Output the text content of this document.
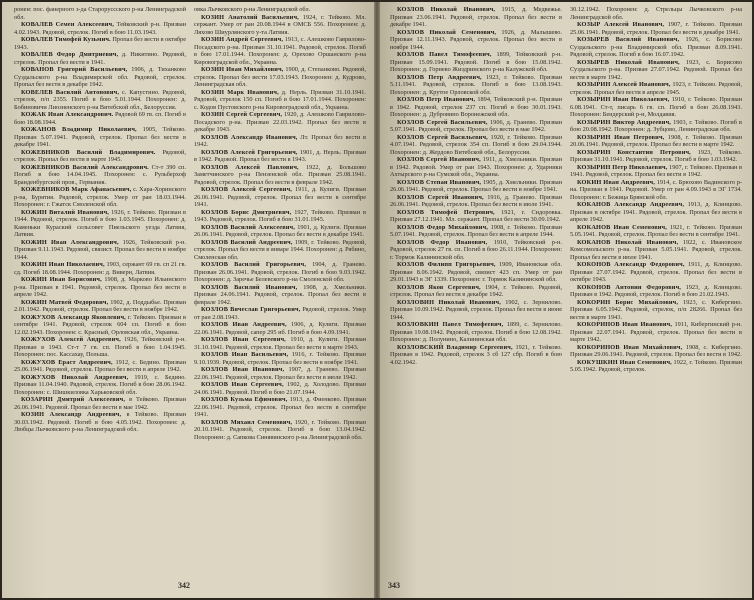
ронен: пос. фанерного з-да Староруссского р-на Ленинградской обл.

КОВАЛЕВ Семен Алексеевич, Тейковский р-н. Призван 4.02.1943. Рядовой, стрелок. Погиб в бою 11.03.1943.

КОВАЛЕВ Тимофей Кузьмич. Пропал без вести в октябре 1943.

КОВАЛЕВ Федор Дмитриевич, д. Никитино. Рядовой, стрелок. Пропал без вести в 1941.

КОВАНОВ Григорий Васильевич, 1906, д. Тиханково Суздальского р-на Владимирской обл. Рядовой, стрелок. Пропал без вести в декабре 1942.

КОВЕЛЕВ Василий Антонович, с. Капустино. Рядовой, стрелок, п/п 2355. Погиб в бою 5.01.1944. Похоронен: д. Бобиновичи Лиозненского р-на Витебской обл., Белоруссия.

КОЖАК Иван Александрович. Рядовой 69 гв. сп. Погиб в бою 18.08.1944.

КОЖАНОВ Владимир Николаевич, 1905, Тейково. Призван 5.07.1941. Рядовой, стрелок. Пропал без вести в декабре 1941.

КОЖЕВНИКОВ Василий Владимирович. Рядовой, стрелок. Пропал без вести в марте 1945.

КОЖЕВНИКОВ Василий Александрович. Ст-т 390 сп. Погиб в бою 14.04.1945. Похоронен: с. Рульберхоф Бранденбургской пров., Германия.

КОЖЕВНИКОВ Марк Афанасьевич, с. Хара-Хоринского р-на, Бурятия. Рядовой, стрелок. Умер от ран 18.03.1944. Похоронен: г. Гжатск Смоленской обл.

КОЖИН Виталий Иванович, 1926, г. Тейково. Призван в 1944. Рядовой, стрелок. Погиб в бою 1.03.1945. Похоронен: д. Каменьки Кураский сельсовет Пиельского уезда Латвия, Латвия.

КОЖИН Иван Александрович, 1926, Тейковский р-н. Призван 9.11.1943. Рядовой, связист. Пропал без вести в ноябре 1944.

КОЖИН Иван Николаевич, 1903, сержант 69 гв. сп 21 гв. сд. Погиб 18.08.1944. Похоронен: д. Виверн, Латвия.

КОЖИН Иван Борисович, 1908, д. Марково Ильинского р-на. Призван в 1941. Рядовой, стрелок. Пропал без вести в апреле 1942.

КОЖИН Матвей Федорович, 1902, д. Поддыбье. Призван 2.01.1942. Рядовой, стрелок. Пропал без вести в ноябре 1942.

КОЖУХОВ Александр Яковлевич, г. Тейково. Призван в сентябре 1941. Рядовой, стрелок 604 сп. Погиб в бою 12.02.1943. Похоронен: с. Красный, Орловская обл., Украина.

КОЖУХОВ Алексей Андреевич, 1926, Тейковский р-н. Призван в 1943. Ст-т 7 гв. сп. Погиб в бою 1.04.1945. Похоронен: пос. Кассахау, Польша.

КОЖУХОВ Ераст Андреевич, 1912, с. Бедино. Призван 25.06.1941. Рядовой, стрелок. Пропал без вести в апреле 1942.

КОЖУХОВ Николай Андреевич, 1919, с. Бедино. Призван 11.04.1940. Рядовой, стрелок. Погиб в бою 28.06.1942. Похоронен: с. Шишкиловка Харьковской обл.

КОЗАРИН Дмитрий Алексеевич, в Тейково. Призван 26.06.1941. Рядовой. Пропал без вести в мае 1942.

КОЗИН Александр Андреевич, в Тейково. Призван 30.03.1942. Рядовой. Погиб в бою 4.05.1942. Похоронен: д. Любцы Лычковского р-на Ленинградской обл.

овка Лычковского р-на Ленинградской обл.

КОЗИН Анатолий Васильевич, 1924, г. Тейково. Мл. сержант. Умер от ран 20.08.1944 в ОМСБ 556. Похоронен: д. Ляхово Шиурлянского у-та Латвия.

КОЗИН Андрей Сергеевич, 1913, с. Алешково Гаврилово-Посадского р-на. Призван 31.10.1941. Рядовой, стрелок. Погиб в бою 17.01.1944. Похоронен: д. Орехово Оршанского р-на Кировоградской обл., Украина.

КОЗИН Иван Михайлович, 1900, д. Степанково. Рядовой, стрелок. Пропал без вести 17.03.1943. Похоронен: д. Кудрово, Ленинградская обл.

КОЗИН Марк Иванович, д. Нерль. Призван 31.10.1941. Рядовой, стрелок 150 сп. Погиб в бою 17.01.1944. Похоронен: с. Кодов Пустовского р-на Кировоградской обл., Украина.

КОЗИН Сергей Сергеевич, 1920, д. Алешково Гаврилово-Посадского р-на. Призван 22.03.1942. Пропал без вести в декабре 1943.

КОЗЛОВ Александр Иванович, Лт. Пропал без вести в 1942.

КОЗЛОВ Алексей Григорьевич, 1901, д. Нерль. Призван в 1942. Рядовой. Пропал без вести в 1943.

КОЗЛОВ Алексей Павлович, 1922, д. Большово Заметчинского р-на Пензенской обл. Призван 25.08.1941. Рядовой, стрелок. Пропал без вести в феврале 1942.

КОЗЛОВ Алексей Сергеевич, 1911, д. Кулиги. Призван 26.06.1941. Рядовой, стрелок. Пропал без вести в сентябре 1941.

КОЗЛОВ Борис Дмитриевич, 1927, Тейково. Призван в 1943. Рядовой, стрелок. Погиб в бою 31.01.1945.

КОЗЛОВ Василий Алексеевич, 1901, д. Кулиги. Призван 26.06.1941. Рядовой, стрелок. Пропал без вести в декабре 1941.

КОЗЛОВ Василий Андреевич, 1909, г. Тейково. Рядовой, стрелок. Пропал без вести в январе 1944. Похоронен: д. Рябино, Смоленская обл.

КОЗЛОВ Василий Григорьевич, 1904, д. Гранево. Призван 26.06.1941. Рядовой, стрелок. Погиб в бою 9.03.1942. Похоронен: д. Заречье Белевского р-на Смоленской обл.

КОЗЛОВ Василий Иванович, 1908, д. Хмельники. Призван 24.06.1941. Рядовой, стрелок. Пропал без вести в феврале 1942.

КОЗЛОВ Вячеслав Григорьевич, Рядовой, стрелок. Умер от ран 2.08.1943.

КОЗЛОВ Иван Андреевич, 1906, д. Кулиги. Призван 22.06.1941. Рядовой, сапер 295 иб. Погиб в бою 4.09.1941.

КОЗЛОВ Иван Сергеевич, 1910, д. Кулиги. Призван 31.10.1941. Рядовой, стрелок. Пропал без вести в марте 1943.

КОЗЛОВ Иван Васильевич, 1916, г. Тейково. Призван 9.10.1939. Рядовой, стрелок. Пропал без вести в ноябре 1941.

КОЗЛОВ Иван Иванович, 1907, д. Гранево. Призван 22.06.1941. Рядовой, стрелок. Пропал без вести в июле 1942.

КОЗЛОВ Иван Сергеевич, 1902, д. Холодово. Призван 24.06.1941. Рядовой. Погиб в бою 21.07.1944.

КОЗЛОВ Кузьма Ефимович, 1913, д. Фиенково. Призван 22.06.1941. Рядовой, стрелок. Пропал без вести в сентябре 1941.

КОЗЛОВ Михаил Семенович, 1920, г. Тейково. Призван 20.10.1941. Рядовой, стрелок. Погиб в бою 13.04.1942. Похоронен: д. Сапкова Синявинского р-на Ленинградской обл.

342

КОЗЛОВ Николай Иванович, 1915, д. Медвежье. Призван 23.06.1941. Рядовой, стрелок. Пропал без вести в декабре 1941.

КОЗЛОВ Николай Семенович, 1926, д. Малышево. Призван 12.11.1943. Рядовой, стрелок. Пропал без вести в ноябре 1944.

КОЗЛОВ Павел Тимофеевич, 1899, Тейковский р-н. Призван 15.09.1941. Рядовой. Погиб в бою 15.08.1942. Похоронен: д. Горнево Жиздринского р-на Калужской обл.

КОЗЛОВ Петр Андреевич, 1923, г. Тейково. Призван 5.11.1941. Рядовой, стрелок. Погиб в бою 13.08.1943. Похоронен: д. Крутое Орловской обл.

КОЗЛОВ Петр Иванович, 1894, Тейковский р-н. Призван в 1942. Рядовой, стрелок 237 сп. Погиб в бою 30.01.1943. Похоронен: д. Дубровино Воронежской обл.

КОЗЛОВ Сергей Васильевич, 1906, д. Гранево. Призван 5.07.1941. Рядовой, стрелок. Пропал без вести в мае 1942.

КОЗЛОВ Сергей Васильевич, 1920, г. Тейково. Призван 4.07.1941. Рядовой, стрелок 354 сп. Погиб в бою 29.04.1944. Похоронен: д. Жердово Витебской обл., Белоруссия.

КОЗЛОВ Сергей Иванович, 1911, д. Хмельники. Призван в 1942. Рядовой. Умер от ран 1943. Похоронен: д. Ударники Ахтырского р-на Сумской обл., Украина.

КОЗЛОВ Степан Иванович, 1905, д. Хмельники. Призван 26.06.1941. Рядовой, стрелок. Пропал без вести в ноябре 1941.

КОЗЛОВ Сергей Иванович, 1916, д. Гранево. Призван 26.06.1941. Рядовой, стрелок. Пропал без вести в июле 1941.

КОЗЛОВ Тимофей Петрович, 1921, г. Сидоровка. Призван 27.12.1941. Мл. сержант. Пропал без вести 30.09.1942.

КОЗЛОВ Федор Михайлович, 1908, г. Тейково. Призван 5.07.1941. Рядовой, стрелок. Пропал без вести в апреле 1944.

КОЗЛОВ Федор Иванович, 1910, Тейковский р-н. Рядовой, стрелок 27 гв. сп. Погиб в бою 26.11.1944. Похоронен: г. Тормок Калининской обл.

КОЗЛОВ Филипп Григорьевич, 1909, Ивановская обл. Призван 8.06.1942. Рядовой, связист 423 сп. Умер от ран 29.01.1943 в ЭГ 1339. Похоронен: г. Тормок Калининской обл.

КОЗЛОВ Яков Сергеевич, 1904, г. Тейково. Рядовой, стрелок. Пропал без вести в декабре 1942.

КОЗЛОВИН Николай Иванович, 1902, с. Зернилово. Призван 10.09.1942. Рядовой, стрелок. Пропал без вести в июне 1944.

КОЗЛОВКИН Павел Тимофеевич, 1899, с. Зернилово. Призван 19.08.1942. Рядовой, стрелок. Погиб в бою 12.08.1942. Похоронен: д. Полунино, Калининская обл.

КОЗЛОВСКИЙ Владимир Сергеевич, 1921, г. Тейково. Призван в 1942. Рядовой, стрелок 3 сб 127 сбр. Погиб в бою 4.02.1942.

30.12.1942. Похоронен: д. Стрельцы Лычковского р-на Ленинградской обл.

КОЗЫР Алексей Иванович, 1907, г. Тейково. Призван 25.06.1941. Рядовой, стрелок. Пропал без вести в декабре 1941.

КОЗЫРЕВ Василий Иванович, 1926, с. Борисово Суздальского р-на Владимирской обл. Призван 8.09.1941. Рядовой, стрелок. Погиб в бою 16.07.1942.

КОЗЫРЕВ Николай Иванович, 1923, с. Борисово Суздальского р-на. Призван 27.07.1942. Рядовой. Пропал без вести в марте 1942.

КОЗЫРИН Алексей Иванович, 1923, г. Тейково. Рядовой, стрелок. Пропал без вести в апреле 1945.

КОЗЫРИН Иван Николаевич, 1910, г. Тейково. Призван 6.08.1941. Ст-т, писарь 6 гв. сп. Погиб в бою 26.08.1943. Похоронен: Бендерский р-н, Молдавия.

КОЗЫРИН Виктор Андреевич, 1903, г. Тейково. Погиб в бою 20.08.1942. Похоронен: д. Зубцово, Ленинградская обл.

КОЗЫРИН Иван Петрович, 1908, г. Тейково. Призван 20.06.1941. Рядовой, стрелок. Пропал без вести в марте 1942.

КОЗЫРИН Константин Петрович, 1923, Тейково. Призван 31.10.1941. Рядовой, стрелок. Погиб в бою 1.03.1942.

КОЗЫРИН Петр Николаевич, 1907, г. Тейково. Призван в 1941. Рядовой, стрелок. Пропал без вести в 1942.

КОКИН Иван Андреевич, 1914, с. Брюхово Вадинского р-на. Призван в 1941. Рядовой. Умер от ран 4.09.1943 в ЭГ 1734. Похоронен: г. Бежица Брянской обл.

КОКАНОВ Александр Андреевич, 1913, д. Клинцово. Призван в октябре 1941. Рядовой, стрелок. Пропал без вести в апреле 1942.

КОКАНОВ Иван Семенович, 1921, г. Тейково. Призван 5.05.1941. Рядовой, стрелок. Пропал без вести в сентябре 1941.

КОКАНОВ Николай Иванович, 1922, с. Ивановское Комсомольского р-на. Призван 5.05.1941. Рядовой, стрелок. Пропал без вести в июле 1941.

КОКОНОВ Александр Федорович, 1911, д. Клинцово. Призван 27.07.1942. Рядовой, стрелок. Пропал без вести в октябре 1943.

КОКОНОВ Антонин Федорович, 1923, д. Клинцово. Призван в 1942. Рядовой, стрелок. Погиб в бою 21.02.1943.

КОКОРИН Борис Михайлович, 1923, с. Кибергино. Призван 6.05.1942. Рядовой, стрелок, п/п 28266. Пропал без вести в марте 1943.

КОКОРИНОВ Иван Иванович, 1911, Кибергинский р-н. Призван 22.07.1941. Рядовой, стрелок. Пропал без вести в марте 1942.

КОКОРИНОВ Иван Михайлович, 1908, с. Кибергино. Призван 29.06.1941. Рядовой, стрелок. Пропал без вести в 1942.

КОКУШКИН Иван Семенович, 1922, г. Тейково. Призван 5.05.1942. Рядовой, стрелок.

343
